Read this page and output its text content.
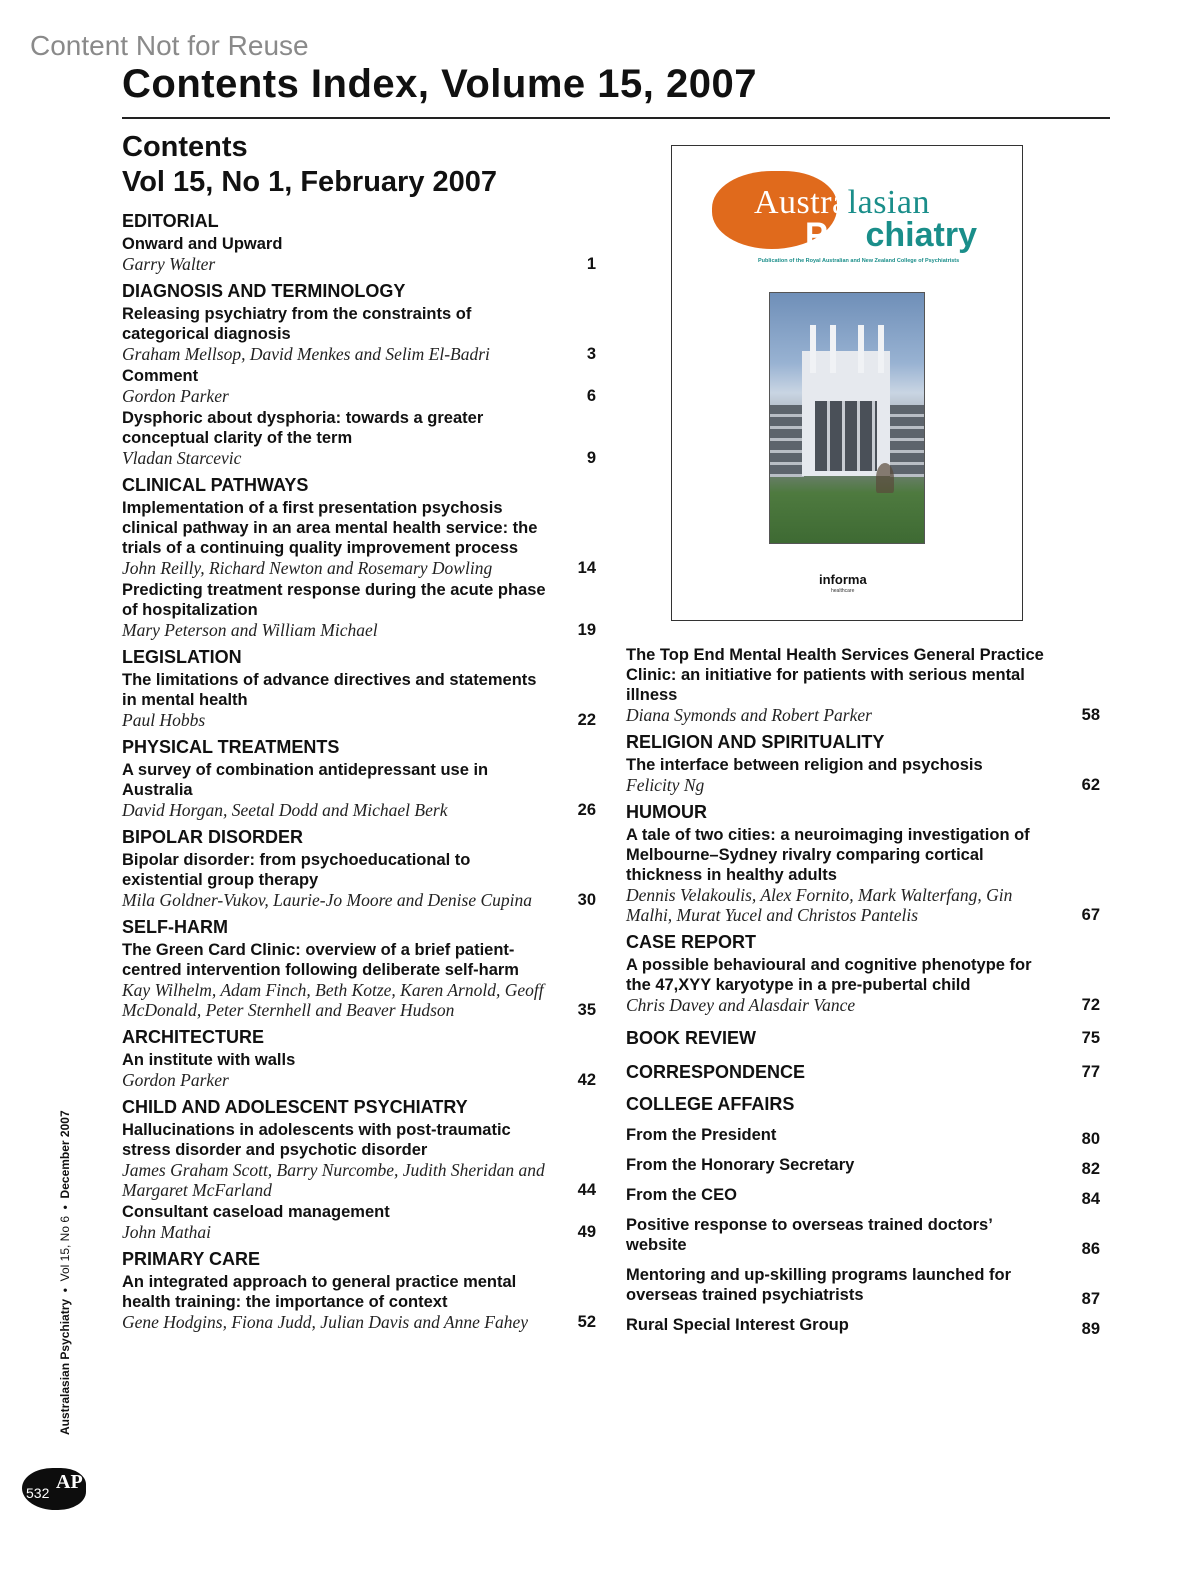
Content Not for Reuse
Contents Index, Volume 15, 2007
Contents
Vol 15, No 1, February 2007
EDITORIAL
Onward and Upward
Garry Walter	1
DIAGNOSIS AND TERMINOLOGY
Releasing psychiatry from the constraints of categorical diagnosis
Graham Mellsop, David Menkes and Selim El-Badri	3
Comment
Gordon Parker	6
Dysphoric about dysphoria: towards a greater conceptual clarity of the term
Vladan Starcevic	9
CLINICAL PATHWAYS
Implementation of a first presentation psychosis clinical pathway in an area mental health service: the trials of a continuing quality improvement process
John Reilly, Richard Newton and Rosemary Dowling	14
Predicting treatment response during the acute phase of hospitalization
Mary Peterson and William Michael	19
LEGISLATION
The limitations of advance directives and statements in mental health
Paul Hobbs	22
PHYSICAL TREATMENTS
A survey of combination antidepressant use in Australia
David Horgan, Seetal Dodd and Michael Berk	26
BIPOLAR DISORDER
Bipolar disorder: from psychoeducational to existential group therapy
Mila Goldner-Vukov, Laurie-Jo Moore and Denise Cupina	30
SELF-HARM
The Green Card Clinic: overview of a brief patient-centred intervention following deliberate self-harm
Kay Wilhelm, Adam Finch, Beth Kotze, Karen Arnold, Geoff McDonald, Peter Sternhell and Beaver Hudson	35
ARCHITECTURE
An institute with walls
Gordon Parker	42
CHILD AND ADOLESCENT PSYCHIATRY
Hallucinations in adolescents with post-traumatic stress disorder and psychotic disorder
James Graham Scott, Barry Nurcombe, Judith Sheridan and Margaret McFarland	44
Consultant caseload management
John Mathai	49
PRIMARY CARE
An integrated approach to general practice mental health training: the importance of context
Gene Hodgins, Fiona Judd, Julian Davis and Anne Fahey	52
Australasian
Psychiatry
Publication of the Royal Australian and New Zealand College of Psychiatrists
informa
healthcare
The Top End Mental Health Services General Practice Clinic: an initiative for patients with serious mental illness
Diana Symonds and Robert Parker	58
RELIGION AND SPIRITUALITY
The interface between religion and psychosis
Felicity Ng	62
HUMOUR
A tale of two cities: a neuroimaging investigation of Melbourne–Sydney rivalry comparing cortical thickness in healthy adults
Dennis Velakoulis, Alex Fornito, Mark Walterfang, Gin Malhi, Murat Yucel and Christos Pantelis	67
CASE REPORT
A possible behavioural and cognitive phenotype for the 47,XYY karyotype in a pre-pubertal child
Chris Davey and Alasdair Vance	72
BOOK REVIEW	75
CORRESPONDENCE	77
COLLEGE AFFAIRS
From the President	80
From the Honorary Secretary	82
From the CEO	84
Positive response to overseas trained doctors’ website	86
Mentoring and up-skilling programs launched for overseas trained psychiatrists	87
Rural Special Interest Group	89
Australasian Psychiatry  •  Vol 15, No 6  •  December 2007
532 AP
